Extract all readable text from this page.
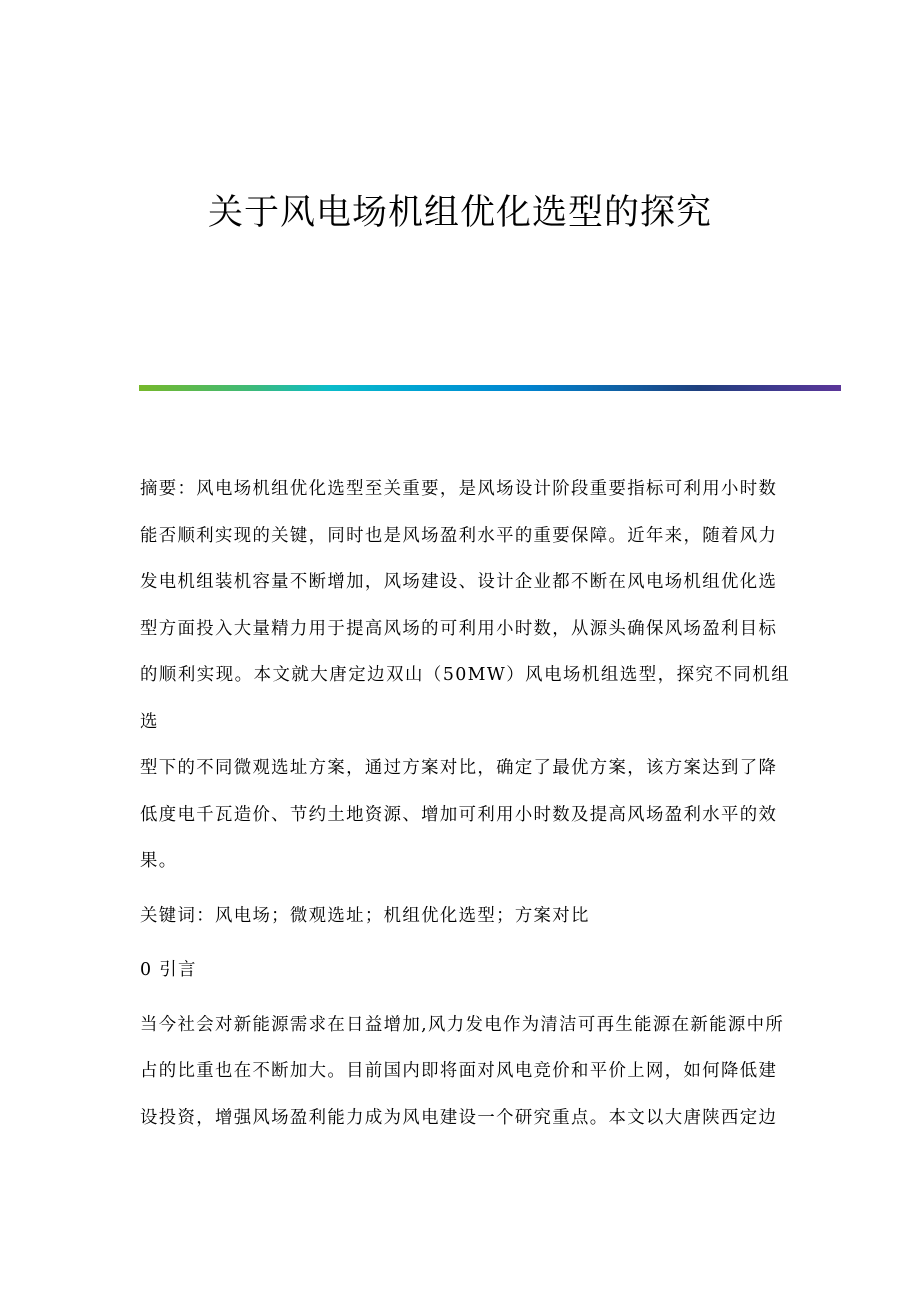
关于风电场机组优化选型的探究
摘要：风电场机组优化选型至关重要，是风场设计阶段重要指标可利用小时数
能否顺利实现的关键，同时也是风场盈利水平的重要保障。近年来，随着风力
发电机组装机容量不断增加，风场建设、设计企业都不断在风电场机组优化选
型方面投入大量精力用于提高风场的可利用小时数，从源头确保风场盈利目标
的顺利实现。本文就大唐定边双山（50MW）风电场机组选型，探究不同机组选
型下的不同微观选址方案，通过方案对比，确定了最优方案，该方案达到了降
低度电千瓦造价、节约土地资源、增加可利用小时数及提高风场盈利水平的效
果。
关键词：风电场；微观选址；机组优化选型；方案对比
0 引言
当今社会对新能源需求在日益增加,风力发电作为清洁可再生能源在新能源中所
占的比重也在不断加大。目前国内即将面对风电竞价和平价上网，如何降低建
设投资，增强风场盈利能力成为风电建设一个研究重点。本文以大唐陕西定边
